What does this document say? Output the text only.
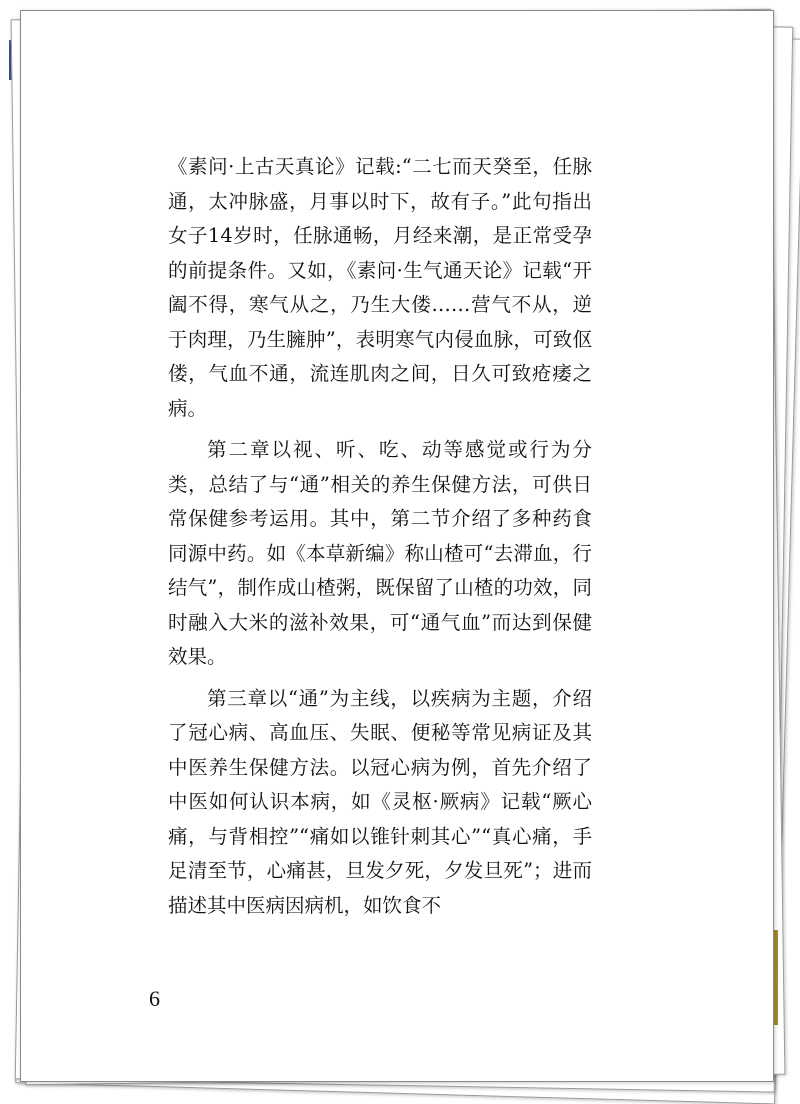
《素问·上古天真论》记载:“二七而天癸至，任脉通，太冲脉盛，月事以时下，故有子。”此句指出女子14岁时，任脉通畅，月经来潮，是正常受孕的前提条件。又如，《素问·生气通天论》记载“开阖不得，寒气从之，乃生大偻……营气不从，逆于肉理，乃生臃肿”，表明寒气内侵血脉，可致伛偻，气血不通，流连肌肉之间，日久可致疮痿之病。

第二章以视、听、吃、动等感觉或行为分类，总结了与“通”相关的养生保健方法，可供日常保健参考运用。其中，第二节介绍了多种药食同源中药。如《本草新编》称山楂可“去滞血，行结气”，制作成山楂粥，既保留了山楂的功效，同时融入大米的滋补效果，可“通气血”而达到保健效果。

第三章以“通”为主线，以疾病为主题，介绍了冠心病、高血压、失眠、便秘等常见病证及其中医养生保健方法。以冠心病为例，首先介绍了中医如何认识本病，如《灵枢·厥病》记载“厥心痛，与背相控”“痛如以锥针刺其心”“真心痛，手足清至节，心痛甚，旦发夕死，夕发旦死”；进而描述其中医病因病机，如饮食不

6
